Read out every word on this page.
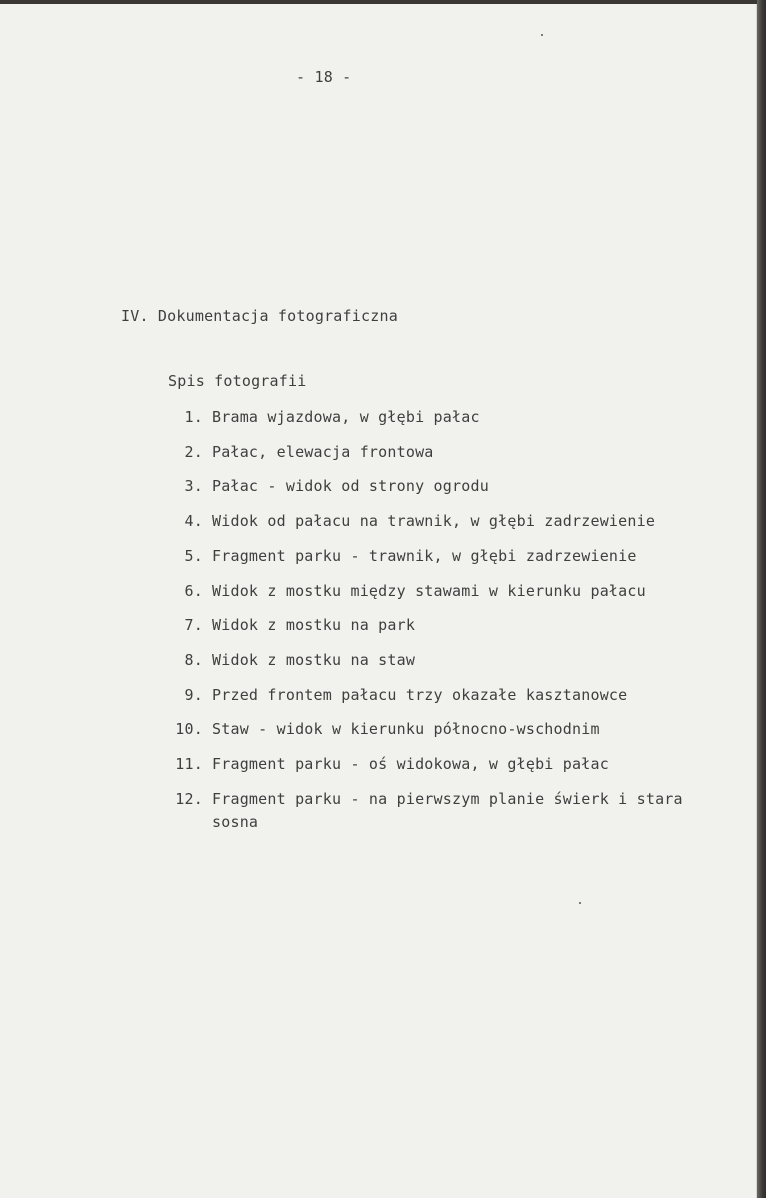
- 18 -
IV. Dokumentacja fotograficzna
Spis fotografii
1. Brama wjazdowa, w głębi pałac
2. Pałac, elewacja frontowa
3. Pałac - widok od strony ogrodu
4. Widok od pałacu na trawnik, w głębi zadrzewienie
5. Fragment parku - trawnik, w głębi zadrzewienie
6. Widok z mostku między stawami w kierunku pałacu
7. Widok z mostku na park
8. Widok z mostku na staw
9. Przed frontem pałacu trzy okazałe kasztanowce
10. Staw - widok w kierunku północno-wschodnim
11. Fragment parku - oś widokowa, w głębi pałac
12. Fragment parku - na pierwszym planie świerk i stara
sosna
